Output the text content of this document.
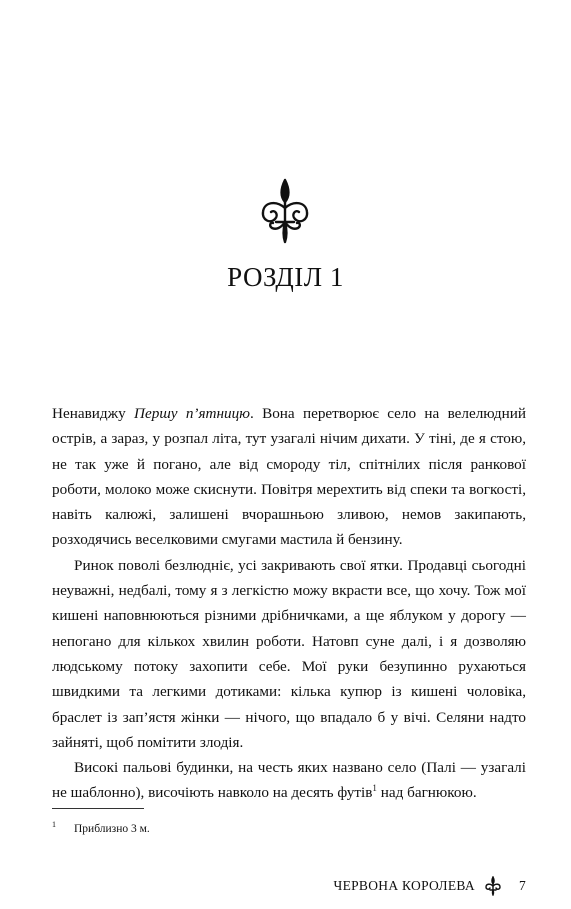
РОЗДІЛ 1

Ненавиджу Першу п’ятницю. Вона перетворює село на велелюдний острів, а зараз, у розпал літа, тут узагалі нічим дихати. У тіні, де я стою, не так уже й погано, але від смороду тіл, спітнілих після ранкової роботи, молоко може скиснути. Повітря мерехтить від спеки та вогкості, навіть калюжі, залишені вчорашньою зливою, немов закипають, розходячись веселковими смугами мастила й бензину.

Ринок поволі безлюдніє, усі закривають свої ятки. Продавці сьогодні неуважні, недбалі, тому я з легкістю можу вкрасти все, що хочу. Тож мої кишені наповнюються різними дрібничками, а ще яблуком у дорогу — непогано для кількох хвилин роботи. Натовп суне далі, і я дозволяю людському потоку захопити себе. Мої руки безупинно рухаються швидкими та легкими дотиками: кілька купюр із кишені чоловіка, браслет із зап’ястя жінки — нічого, що впадало б у вічі. Селяни надто зайняті, щоб помітити злодія.

Високі пальові будинки, на честь яких названо село (Палі — узагалі не шаблонно), височіють навколо на десять футів$^1$ над багнюкою.

$^1$ Приблизно 3 м.
ЧЕРВОНА КОРОЛЕВА	7
